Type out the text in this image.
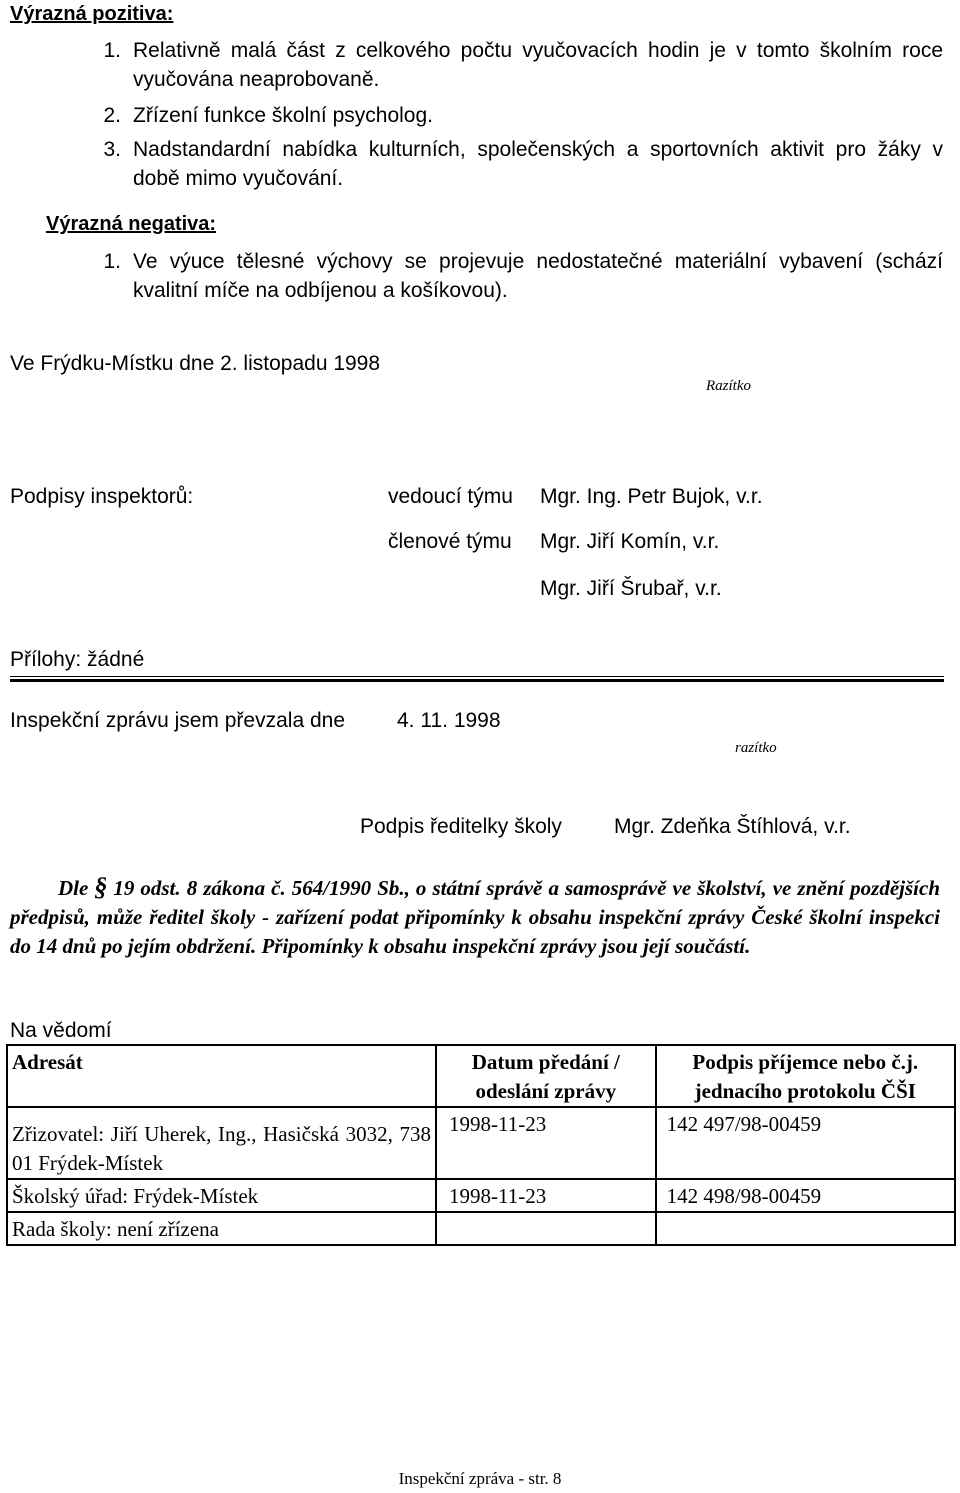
Výrazná pozitiva:
1. Relativně malá část z celkového počtu vyučovacích hodin je v tomto školním roce vyučována neaprobovaně.
2. Zřízení funkce školní psycholog.
3. Nadstandardní nabídka kulturních, společenských a sportovních aktivit pro žáky v době mimo vyučování.
Výrazná negativa:
1. Ve výuce tělesné výchovy se projevuje nedostatečné materiální vybavení (schází kvalitní míče na odbíjenou a košíkovou).
Ve Frýdku-Místku dne 2. listopadu 1998
Razítko
Podpisy inspektorů:	vedoucí týmu Mgr. Ing. Petr Bujok, v.r.
členové týmu Mgr. Jiří Komín, v.r.
Mgr. Jiří Šrubař, v.r.
Přílohy: žádné
Inspekční zprávu jsem převzala dne 4. 11. 1998
razítko
Podpis ředitelky školy Mgr. Zdeňka Štíhlová, v.r.
Dle § 19 odst. 8 zákona č. 564/1990 Sb., o státní správě a samosprávě ve školství, ve znění pozdějších předpisů, může ředitel školy - zařízení podat připomínky k obsahu inspekční zprávy České školní inspekci do 14 dnů po jejím obdržení. Připomínky k obsahu inspekční zprávy jsou její součástí.
Na vědomí
Adresát	Datum předání / odeslání zprávy	Podpis příjemce nebo č.j. jednacího protokolu ČŠI
Zřizovatel: Jiří Uherek, Ing., Hasičská 3032, 738 01 Frýdek-Místek	1998-11-23	142 497/98-00459
Školský úřad: Frýdek-Místek	1998-11-23	142 498/98-00459
Rada školy: není zřízena		
Inspekční zpráva - str. 8
